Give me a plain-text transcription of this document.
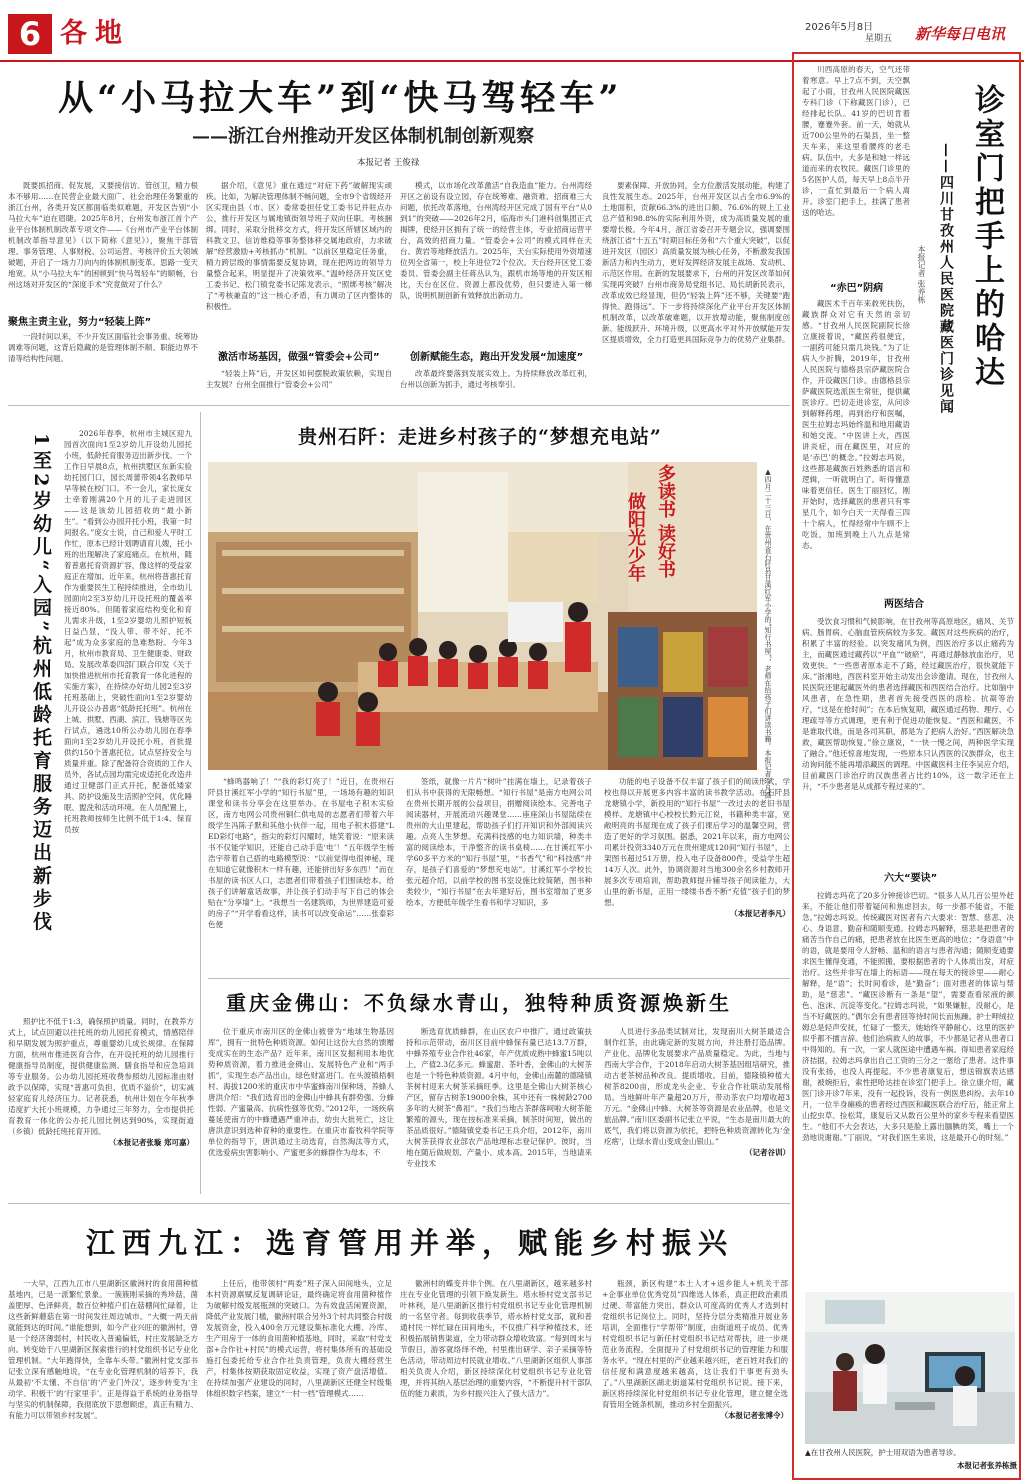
6 各地	2026年5月8日
星期五 新华每日电讯
从“小马拉大车”到“快马驾轻车”
——浙江台州推动开发区体制机制创新观察
本报记者 王俊禄

既要抓招商、促发展，又要接信访、管创卫，精力根本不够用……在民营企业最大面广、社会治理任务繁重的浙江台州，各类开发区都面临类似难题，开发区告别“小马拉大车”迫在眉睫。2025年8月，台州发布浙江首个产业平台体制机制改革专项文件——《台州市产业平台体制机制改革指导意见》（以下简称《意见》），聚焦干部管理、事务管理、人事财税、公司运营、考核评价五大领域破题，开启了一场力刀向内的体制机制变革。思路一变天地宽。从“小马拉大车”的困顿到“快马驾轻车”的顺畅，台州这场对开发区的“深度手术”究竟做对了什么？

聚焦主责主业，努力“轻装上阵”

一段时间以来，不少开发区面临社会事务重、统筹协调难等问题，这背后隐藏的是管理体制不顺、职能边界不清等结构性问题。

据介绍，《意见》重在通过“对症下药”破解现实顽疾。比如，为解决管理体制不畅问题，全市9个省级经开区实现由县（市、区）委常委担任党工委书记并驻点办公，推行开发区与属地镇街领导班子双向任职、考核捆绑。同时，采取分批移交方式，将开发区所辖区域内的科教文卫、信访维稳等事务整体移交属地政府，力求破解“经营激励+考核抓办”机制。“以前区里稳定任务重，精力跨层级的事情需要反复协调，现在把两边的领导力量整合起来，明显提升了决策效率。”温岭经济开发区党工委书记、松门镇党委书记陈龙表示，“照绑考核”解决了“考核兼直的”这一核心矛盾，有力调动了区内整体的积极性。

激活市场基因，做强“管委会+公司”

“轻装上阵”后，开发区如何摆脱政策依赖，实现自主发展？台州全面推行“管委会+公司”

模式，以市场化改革激活“自我造血”能力。台州湾经开区之前设有设立园，存在统筹难、融资难、招商难三大问题，依托改革落地，台州湾经开区完成了国有平台“从0到1”的突破——2026年2月，临海市头门港科创集团正式揭牌，使经开区拥有了统一的经营主体，专业招商运营平台，高效的招商力量。“管委会+公司”的模式同样在天台、黄岩等地释放活力。2025年，天台实际使用外资增速位列全省第一，校上年进位72个位次。天台经开区党工委委员、管委会副主任蒋丛认为，跟机市场等地的开发区相比，天台在区位、资源上都没优势，但只要进入第一梯队，说明机制创新有效释放出新动力。

创新赋能生态，跑出开发发展“加速度”

改革最终要落到发展实效上。为持续释放改革红利，台州以创新为抓手，通过考核奉引、

要素保障、开放协同，全方位激活发展动能，构建了良性发展生态。2025年，台州开发区以占全市6.9%的土地面积，贡献66.3%的进出口额、76.6%的规上工业总产值和98.8%的实际利用外资，成为高质量发展的重要增长极。今年4月，浙江省委召开专题会议，强调要围绕浙江省“十五五”时期目标任务和“六个重大突破”，以促进开发区（园区）高质量发展为核心任务，不断激发我国新活力和内生动力，更好发挥经济发展主战场、发动机、示范区作用。在新的发展要求下，台州的开发区改革如何实现再突破？台州市商务局党组书记、局长胡新民表示，改革成效已经显现，但仍“轻装上阵”还不够，关键要“跑得快、跑得远”。下一步将持续深化产业平台开发区体制机制改革，以改革破难题，以开放增动能，聚焦制度创新、能级跃升、环境升级，以更高水平对外开放赋能开发区提质增效，全力打造更具国际竞争力的优势产业集群。

1至2岁幼儿“入园”杭州低龄托育服务迈出新步伐	2026年春季，杭州市主城区迎九园首次面向1至2岁幼儿开设幼儿园托小班，低龄托育服务迈出新步伐。一个工作日早晨8点，杭州拱墅区东新实验幼托园门口，园长周蕾带领4名教师早早等候在校门口。不一会儿，家长庞女士牵着刚满20个月的儿子走进园区——这是该幼儿园招收的“最小新生”。“看到公办园开托小班，我第一时间报名。”庞女士说，自己和爱人平时工作忙，原本已经计划聘请育儿嫂，托小班的出现解决了家庭痛点。在杭州，随着普惠托育资源扩容，像这样的受益家庭正在增加。近年来，杭州将普惠托育作为重要民生工程持续推进，全市幼儿园面向2至3岁幼儿开设托班的覆盖率接近80%。但随着家庭结构变化和育儿需求升级，1至2岁婴幼儿照护短板日益凸显，“没人带、带不好、托不起”成为众多家庭的急难愁盼。今年3月，杭州市教育局、卫生健康委、财政局、发展改革委四部门联合印发《关于加快推进杭州市托育教育一体化进程的实施方案》，在持续办好幼儿园2至3岁托班基础上，突破性面向1至2岁婴幼儿开设公办普惠“低龄托托班”。杭州在上城、拱墅、西湖、滨江、钱塘等区先行试点，遴选10所公办幼儿园在春季面向1至2岁幼儿开设托小班，首批提供约150个普惠托位。试点坚持安全与质量并重。除了配备符合资质的工作人员外，各试点园均需完成适托化改造并通过卫健部门正式开托，配备低矮家具、防护设施及生活照护空间，优化睡眠、盥洗和活动环境。在人员配置上，托班教师按师生比例不低于1:4、保育员按

照护比不低于1:3，确保照护质量。同时，在教养方式上，试点回避以往托班的幼儿园托育模式，情感陪伴和早期发展为照护重点，尊重婴幼儿成长规律。在保障方面，杭州市推进医育合作，在开设托班的幼儿园推行健康指导员制度，提供健康监测、膳食指导和应急培训等专业服务。公办幼儿园托班收费参照幼儿园标准由财政予以保障，实现“普惠可负担、优质不溢价”，切实减轻家庭育儿经济压力。记者获悉，杭州计划在今年秋季适度扩大托小班规模，力争通过三年努力，全市提供托育教育一体化的公办托儿园比例达到90%，实现街道（乡镇）低龄托班托育开园。

（本报记者张璇 郑可嘉）
贵州石阡：走进乡村孩子的“梦想充电站”
多读书 读好书
做阳光少年	▲四月二十三日，在贵州省石阡县甘溪红军小学的“知行书屋”，老师在给孩子们讲读书籍。本报记者李凡摄

“蜂鸣器响了！”“我的彩灯亮了！”近日，在贵州石阡县甘溪红军小学的“知行书屋”里，一场场有趣的知识课堂和读书分享会在这里举办。在书屋电子积木实验区，南方电网公司贵州铜仁供电局的志愿者们带着六年级学生冯陈子默和其他小伙伴一起，用电子积木搭建“LED彩灯电路”，指尖的彩灯闪耀时，她笑着说：“原来读书不仅能学知识，还能自己动手造‘电’！”五年级学生杨浩宇带着自己搭的电路模型说：“以前觉得电很神秘，现在知道它就像积木一样有趣，还能拼出好多东西！”而在书屋的读书区人口，志愿者们带着孩子们围读绘本。给孩子们讲解童话故事，并让孩子们动手写下自己的体会贴在“分享墙”上。“我想当一名建筑师，为世界建造可爱的房子”“开学看看这样，读书可以改变命运”……张泰彩色便

签纸，就像一片片“树叶”挂满在墙上，记录着孩子们从书中获得的无限畅想。“知行书屋”是南方电网公司在贵州长期开展的公益项目，捐赠阅读绘本、完善电子阅读器材，开展流动兴趣课堂……座座深山书屋陆续在贵州的大山里建起，帮助孩子们打开知识和外部阅读兴趣。点亮人生梦想。充满科技感的电力知识墙，种类丰富的阅读绘本，干净整齐的读书桌椅……在甘溪红军小学60多平方米的“知行书屋”里，“书香气”和“科技感”并存，是孩子们喜爱的“梦想充电站”。甘溪红军小学校长张元超介绍，以前学校的图书室设施比较简陋，图书种类较少，“知行书屋”在去年建好后，图书室增加了更多绘本，方便低年级学生看书和学习知识，多

功能的电子设备不仅丰富了孩子们的阅读形式，学校也得以开展更多内容丰富的读书教学活动。在石阡县龙塘镇小学，新投用的“知行书屋”一改过去的老旧书屋模样。龙塘镇中心校校长黔元江说，书籍种类丰富，宽敞明亮的书屋现在成了孩子们课后学习的温馨空间，营造了更好的学习氛围。据悉，2021年以来，南方电网公司累计投资3340万元在贵州建成120间“知行书屋”，上架图书超过51万册，投入电子设备800件，受益学生超14万人次。此外，协调资源对当地300余名乡村教师开展多次专项培训，帮助教师提升辅导孩子阅读能力，大山里的新书屋，正用一缕缕书香不断“充值”孩子们的梦想。

（本报记者李凡）
重庆金佛山：不负绿水青山，独特种质资源焕新生

位于重庆市南川区的金佛山被誉为“地球生物基因库”，拥有一批特色种质资源。如何让这份大自然的馈赠变成实在的生态产品？近年来，南川区发掘利用本地优势种质资源，着力推进金佛山、发展特色产业和“两手抓”，实现生态产品出山，绿色财富进门。在头渡镇梧桐村、海拔1200米的重庆市中华蜜蜂南川保种场，养蜂人唐洪介绍：“我们选育出的金佛山中蜂具有群势强、分蜂性弱、产蜜量高、抗病性强等优势。”2012年，一场疾病蔓延使南方的中蜂遭遇严重冲击，幼虫大批死亡，这让唐洪意识到选种育种的重要性。在重庆市畜牧科学院等单位的指导下，唐洪通过主动选育，自然淘汰等方式，优选爱病虫害影响小、产蜜更多的蜂群作为母本，不

断选育优质蜂群，在山区农户中推广。通过政策扶持和示范带动，南川区目前中蜂保有量已达13.7万群，中蜂养殖专业合作社46家，年产优质成熟中蜂蜜15吨以上，产值2.3亿多元。蜂蜜甜、茶叶香，金佛山的大树茶也是一个特色种质资源。4月中旬，金佛山南麓的德隆镇茶树村迎来大树茶采摘旺季。这里是全佛山大树茶核心产区，留存古树茶19000余株，其中还有一株树龄2700多年的大树茶“鼻祖”。“我们当地古茶群落呵啦大树茶能繁殖的源头，现在按标准来采摘，制茶时间短，做出的茶品质很好。”德隆镇党委书记王兵介绍，2012年，南川大树茶获得农业部农产品地理标志登记保护。彼时，当地在随后做规划、产量小、成本高。2015年，当地请来专业技术

人员进行多品类试制对比，发现南川大树茶最适合制作红茶，由此确定新的发展方向，并注册打造品牌。产业化、品牌化发展要求产品质量稳定。为此，当地与西南大学合作，于2018年启动大树茶基因组培研究，推动古老茶树品种改良。提质增收。目前，德隆镇种植大树茶8200亩，形成龙头企业、专业合作社联动发展格局。当地鲜叶年产量超20万斤，带动茶农户均增收超3万元。“金佛山中蜂、大树茶等资源是农业品牌，也是文旅品牌。”南川区委副书记张立平说，“生态是南川最大的底气，我们将以资源为依托，把特色种质资源转化为‘金疙瘩’，让绿水青山变成金山银山。”

（记者谷训）
江西九江：选育管用并举，赋能乡村振兴

一大早，江西九江市八里湖新区徽洲村的食用菌种植基地内，已是一派繁忙景象。一簇簇刚采摘的秀珍菇，菌盖肥厚、色泽鲜亮，数百位种植户们在菇棚间忙碌着，让这些新鲜蘑菇在第一时间发往周边城市。“大概一两天前就能到达的时间。”谁能想到，如今产业兴旺的徽洲村，曾是一个经济薄弱村，村民收入普遍偏低，村庄发展缺乏方向。转变始于八里湖新区探索推行的村党组织书记专业化管理机制。“大年跑得快，全靠车头带。”徽洲村党支部书记张立深有感触地说，“在专业化管理机制的培养下，我从最初‘不太懂、不自信’的‘产业门外汉’，逐步转变为‘主动学、积极干’的‘行家里手’。正是得益于系统的业务指导与坚实的机制保障，我彻底放下思想顾虑，真正有精力、有能力可以带领乡村发展”。

上任后，他带领村“两委”班子深入田间地头，立足本村资源禀赋反复调研论证，最终确定将食用菌种植作为破解村级发展瓶颈的突破口。为有效盘活闲置资源，降低产业发展门槛，徽洲村联合另外3个村共同整合村级发展资金，投入400余万元建设集标准化大棚、冷库、生产用房于一体的食用菌种植基地，同时，采取“村党支部+合作社+村民”的模式运营，将村集体所有的基础设施打包委托给专业合作社负责管理，负责大棚经营生产，村集体按期获取固定收益，实现了资产盘活增值。在持续加强产业建设的同时，八里湖新区还健全村级集体组织数字档案，建立“一村一档”管理模式……

徽洲村的蝶变并非个例。在八里湖新区，越来越多村庄在专业化管理的引领下焕发新生。塔水桥村党支部书记叶林利，是八里湖新区推行村党组织书记专业化管理机制的一名坚守者。每到收获季节，塔水桥村党支部，就和普通村民一样忙碌在田间地头，不仅推广科学种植技术，还积极拓展销售渠道，全力带动群众增收致富。“每到周末与节假日，游客就络绎不绝，村里推出研学、亲子采摘等特色活动，带动周边村民就业增收。”八里湖新区组织人事部相关负责人介绍，新区持续深化村党组织书记专业化管理，并将其纳入基层治理的重要内容，“不断提升村干部队伍的能力素质，为乡村振兴注入了强大活力”。

瓶颈，新区构建“本土人才+返乡能人+机关干部+企事业单位优秀党员”四维选人体系，真正把政治素质过硬、带富能力突出、群众认可度高的优秀人才选到村党组织书记岗位上。同时，坚持分层分类精准开展业务培训，全面推行“学帮带”制度，由街道班子成员、优秀村党组织书记与新任村党组织书记结对帮扶，进一步规范业务流程，全面提升了村党组织书记的管理能力和服务水平。“现在村里的产业越来越兴旺，老百姓对我们的信任度和满意度越来越高，这让我们干事更有劲头了。”八里湖新区湖北街道某村党组织书记说。接下来，新区将持续深化村党组织书记专业化管理，建立健全选育管用全链条机制，推动乡村全面振兴。

（本报记者张博令）
诊室门把手上的哈达
——四川甘孜州人民医院藏医门诊见闻
本报记者 张养栋

川西高原的春天，空气还带着寒意。早上7点不到，天空飘起了小雨，甘孜州人民医院藏医专科门诊（下称藏医门诊），已经排起长队。41岁的巴切肯着腰，蹇蹇外套。前一天，她就从近700公里外的石渠县，坐一整天车来，来这里看腰疼的老毛病。队伍中，大多是和她一样远道而来的农牧民。藏医门诊里的5名医护人员，每天早上8点半开诊，一直忙到最后一个病人离开。诊室门把手上，挂满了患者送的哈达。

“赤巴”阴病

藏医术千百年来救死扶伤，藏族群众对它有天然的亲切感。“甘孜州人民医院副院长徐立康接着说，“藏医药很便宜，一副药可能只需几块钱。”为了让病人少折腾，2019年，甘孜州人民医院与德格县宗萨藏医院合作，开设藏医门诊。由德格县宗萨藏医院选派医生常驻，提供藏医诊疗。巴切走进诊室，从问诊到解释药理，再到治疗和医嘱，医生拉姆志玛始终温和地用藏语和她交流。“中医讲上火，西医讲炎症，而在藏医里，对应的是‘赤巴’的概念。”拉姆志玛说，这些都是藏族百姓熟悉的语言和逻辑，一听就明白了。听得懂意味着更信任。医生丁丽回忆，刚开始时，选择藏医的患者只有零星几个，如今白天一天得看三四十个病人，忙得经常中午顾不上吃饭，加班到晚上八九点是常态。

两医结合

受饮食习惯和气候影响，在甘孜州等高原地区，痛风、关节病、肠胃病、心脑血管疾病较为多发。藏医对这些疾病的治疗，积累了丰富的经验。以突发痛风为例，西医治疗多以止痛药为主，而藏医通过藏药以“平血”“破瘀”，再通过静脉放血治疗，见效更快。“一些患者原本走不了路，经过藏医治疗，很快就能下床。”浙湘地，西医科室开始主动发出会诊邀请。现在，甘孜州人民医院还建起藏医外的患者选择藏医和西医结合治疗。比如脑中风患者，在急性期，患者首先接受西医的溶栓、抗凝等治疗，“这是在抢时间”；在本后恢复期，藏医通过药物、理疗、心理疏导等方式调理，更有利于促进功能恢复。“西医和藏医，不是谁取代谁，而是各司其职，都是为了把病人治好。”西医解决急救，藏医帮助恢复。”徐立康说，“一快一慢之间，两种医学实现了融合。”他还惊喜地发现，一些原本只认西医的汉族群众，也主动询问能不能再增添藏医的调理。中医藏医科主任李吴应介绍，目前藏医门诊治疗的汉族患者占比约10%，这一数字还在上升，“不少患者是从成都专程过来的”。

六大“要诀”

拉姆志玛花了20多分钟接诊巴切。“很多人从几百公里外赶来，不能让他们带着疑问和焦虑回去，每一步都不能省，不能急。”拉姆志玛说。传统藏医对医者有六大要求：智慧、慈悲、决心、身语意、勤奋和随顺变通。拉姆志玛解释，慈悲是把患者的痛苦当作自己的痛，把患者放在比医生更高的地位；“身语意”中的语，就是要用令人舒畅、温和的语言与患者沟通；随顺变通要求医生懂得变通，不能照搬，要根据患者的个人体质出发，对症治疗。这些并非写在墙上的标语——现在每天的接诊里——耐心解释，是“语”；长时间看诊，是“勤奋”；面对患者的体谅与帮助，是“慈悲”。“藏医诊断有一条是“望”，需要查看尿液的颜色、泡沫、沉淀等变化。”拉姆志玛说，“如果嫌脏，没耐心，是当不好藏医的。”偶尔会有患者回等待时间长而焦躁。护士呷绒拉姆总是轻声安抚，忙碌了一整天，她始终平静耐心。这里的医护似乎都不擅言辞。他们治病救人的故事，不少都是记者从患者口中得知的。有一次，一家人就医途中遭遇车祸。得知患者家庭经济拮据，拉姆志玛拿出自己工资的三分之一塞给了患者。这件事没有张扬，也没人再提起。不少患者康复后，想送锦旗表达感谢，被婉拒后，索性把哈达挂在诊室门把手上。徐立康介绍，藏医门诊开诊7年来，没有一起投诉，没有一例医患纠纷。去年10月，一位半身瘫痪的患者经过西医和藏医联合治疗后，能正常上山挖虫草、捡松茸，康复后又从数百公里外的家乡专程来看望医生。“他们不大会表达，大多只是脸上露出腼腆的笑，嘴上一个劲地说谢谢。”丁丽说，“对我们医生来说，这是最开心的时刻。”

▲在甘孜州人民医院，护士用双语为患者导诊。
本报记者张养栋摄
